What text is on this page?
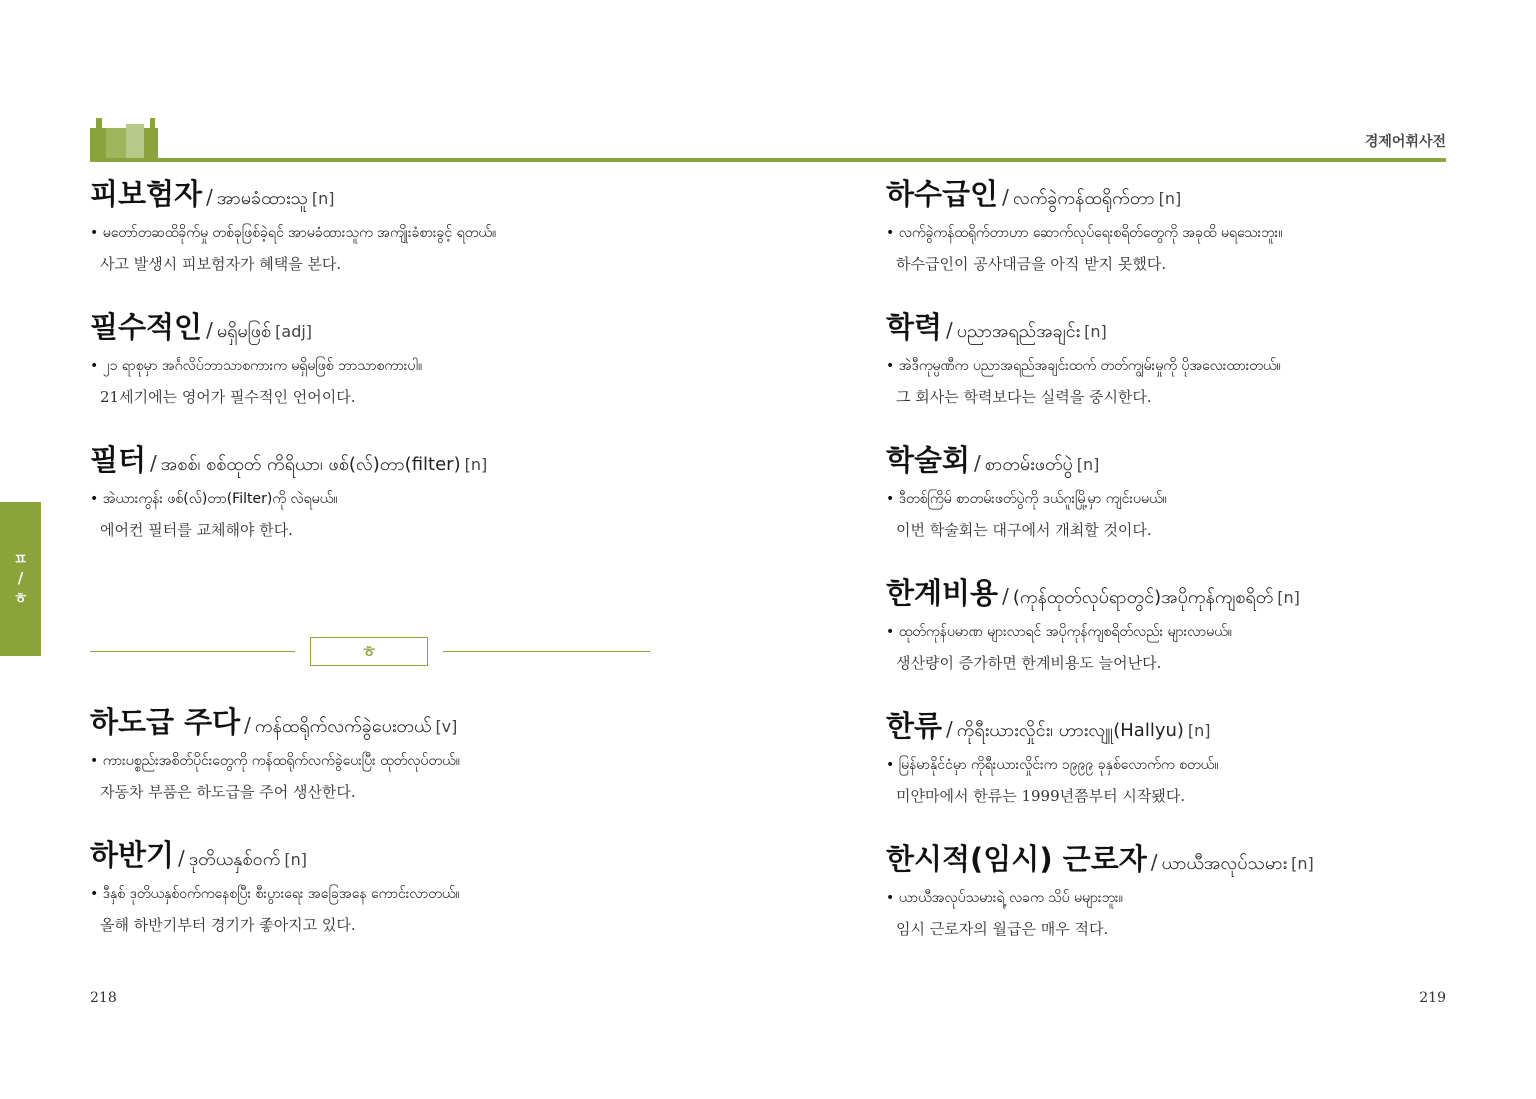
경제어휘사전
ㅍ
/
ㅎ
피보험자 / အာမခံထားသူ [n]
• မတော်တဆထိခိုက်မှု တစ်ခုဖြစ်ခဲ့ရင် အာမခံထားသူက အကျိုးခံစားခွင့် ရတယ်။
사고 발생시 피보험자가 혜택을 본다.
필수적인 / မရှိမဖြစ် [adj]
• ၂၁ ရာစုမှာ အင်္ဂလိပ်ဘာသာစကားက မရှိမဖြစ် ဘာသာစကားပါ။
21세기에는 영어가 필수적인 언어이다.
필터 / အစစ်၊ စစ်ထုတ် ကိရိယာ၊ ဖစ်(လ်)တာ(filter) [n]
• အဲယားကွန်း ဖစ်(လ်)တာ(Filter)ကို လဲရမယ်။
에어컨 필터를 교체해야 한다.
ㅎ
하도급 주다 / ကန်ထရိုက်လက်ခွဲပေးတယ် [v]
• ကားပစ္စည်းအစိတ်ပိုင်းတွေကို ကန်ထရိုက်လက်ခွဲပေးပြီး ထုတ်လုပ်တယ်။
자동차 부품은 하도급을 주어 생산한다.
하반기 / ဒုတိယနှစ်ဝက် [n]
• ဒီနှစ် ဒုတိယနှစ်ဝက်ကနေစပြီး စီးပွားရေး အခြေအနေ ကောင်းလာတယ်။
올해 하반기부터 경기가 좋아지고 있다.
하수급인 / လက်ခွဲကန်ထရိုက်တာ [n]
• လက်ခွဲကန်ထရိုက်တာဟာ ဆောက်လုပ်ရေးစရိတ်တွေကို အခုထိ မရသေးဘူး။
하수급인이 공사대금을 아직 받지 못했다.
학력 / ပညာအရည်အချင်း [n]
• အဲဒီကုမ္ပဏီက ပညာအရည်အချင်းထက် တတ်ကျွမ်းမှုကို ပိုအလေးထားတယ်။
그 회사는 학력보다는 실력을 중시한다.
학술회 / စာတမ်းဖတ်ပွဲ [n]
• ဒီတစ်ကြိမ် စာတမ်းဖတ်ပွဲကို ဒယ်ဂူးမြို့မှာ ကျင်းပမယ်။
이번 학술회는 대구에서 개최할 것이다.
한계비용 / (ကုန်ထုတ်လုပ်ရာတွင်)အပိုကုန်ကျစရိတ် [n]
• ထုတ်ကုန်ပမာဏ များလာရင် အပိုကုန်ကျစရိတ်လည်း များလာမယ်။
생산량이 증가하면 한계비용도 늘어난다.
한류 / ကိုရီးယားလှိုင်း၊ ဟားလျူ(Hallyu) [n]
• မြန်မာနိုင်ငံမှာ ကိုရီးယားလှိုင်းက ၁၉၉၉ ခုနှစ်လောက်က စတယ်။
미얀마에서 한류는 1999년쯤부터 시작됐다.
한시적(임시) 근로자 / ယာယီအလုပ်သမား [n]
• ယာယီအလုပ်သမားရဲ့ လခက သိပ် မများဘူး။
임시 근로자의 월급은 매우 적다.
218	219
